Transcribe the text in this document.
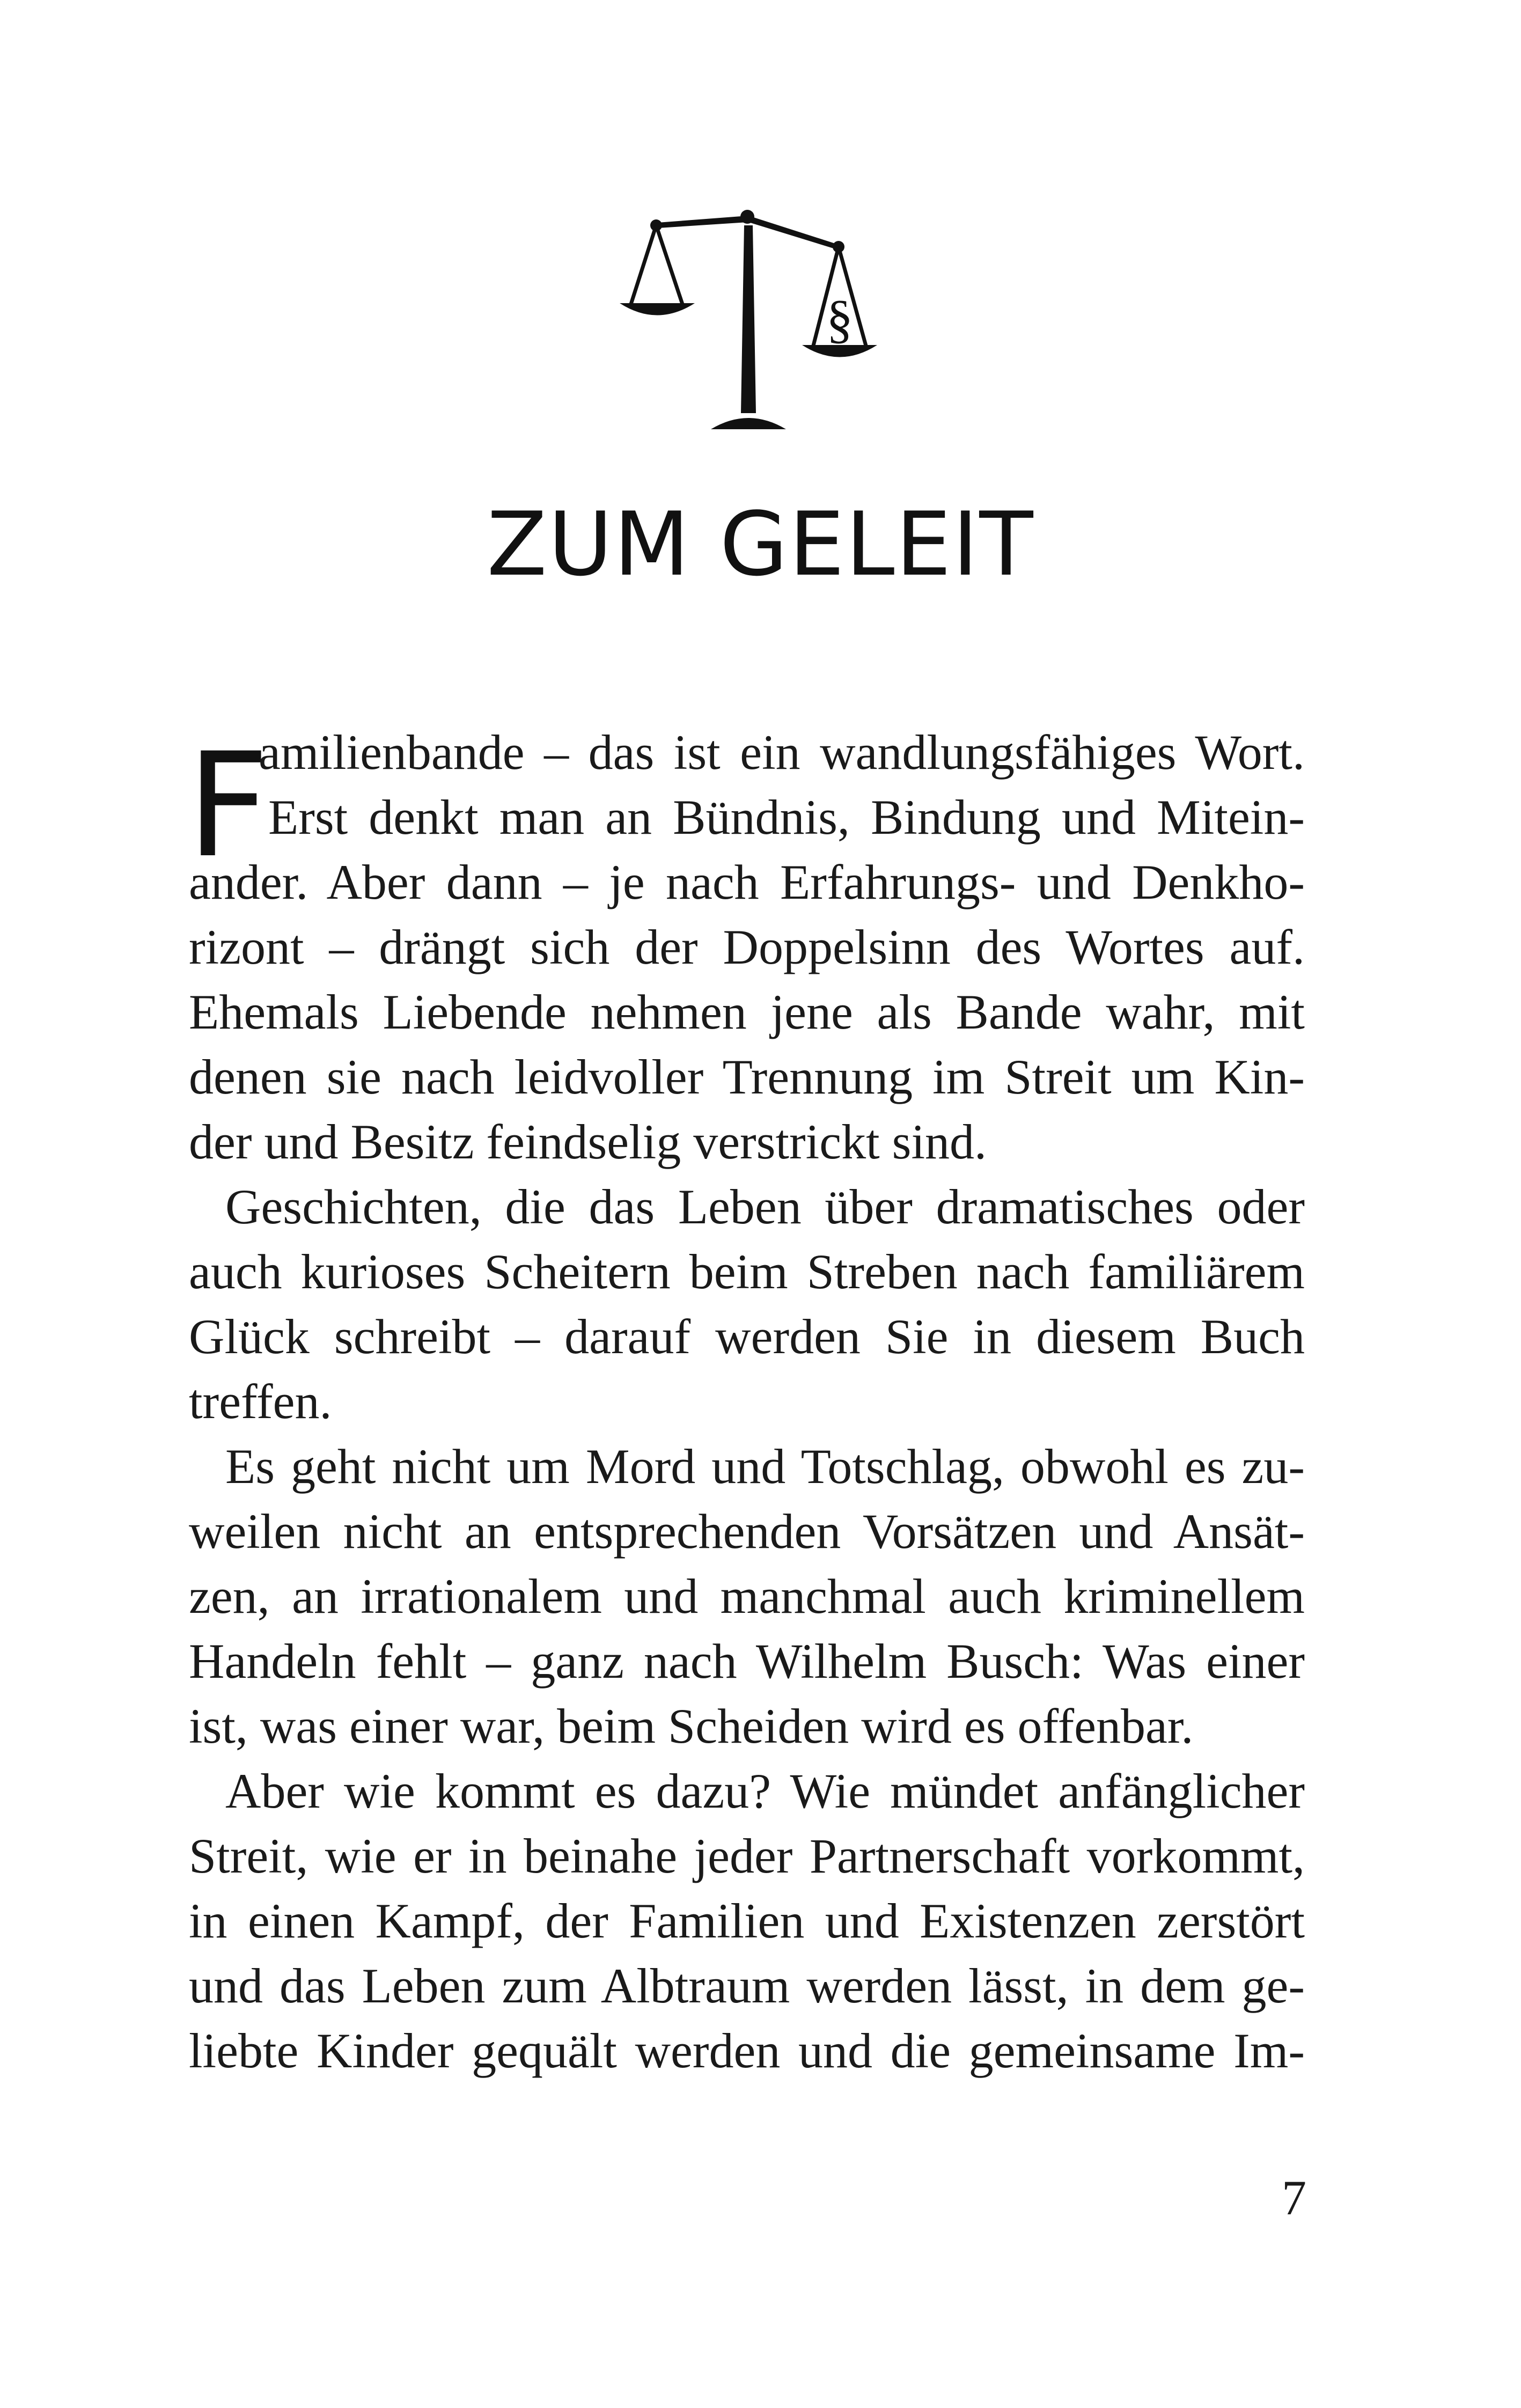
§
ZUM GELEIT
F
amilienbande – das ist ein wandlungsfähiges Wort.
Erst denkt man an Bündnis, Bindung und Mitein-
ander. Aber dann – je nach Erfahrungs- und Denkho-
rizont – drängt sich der Doppelsinn des Wortes auf.
Ehemals Liebende nehmen jene als Bande wahr, mit
denen sie nach leidvoller Trennung im Streit um Kin-
der und Besitz feindselig verstrickt sind.
Geschichten, die das Leben über dramatisches oder
auch kurioses Scheitern beim Streben nach familiärem
Glück schreibt – darauf werden Sie in diesem Buch
treffen.
Es geht nicht um Mord und Totschlag, obwohl es zu-
weilen nicht an entsprechenden Vorsätzen und Ansät-
zen, an irrationalem und manchmal auch kriminellem
Handeln fehlt – ganz nach Wilhelm Busch: Was einer
ist, was einer war, beim Scheiden wird es offenbar.
Aber wie kommt es dazu? Wie mündet anfänglicher
Streit, wie er in beinahe jeder Partnerschaft vorkommt,
in einen Kampf, der Familien und Existenzen zerstört
und das Leben zum Albtraum werden lässt, in dem ge-
liebte Kinder gequält werden und die gemeinsame Im-
7
